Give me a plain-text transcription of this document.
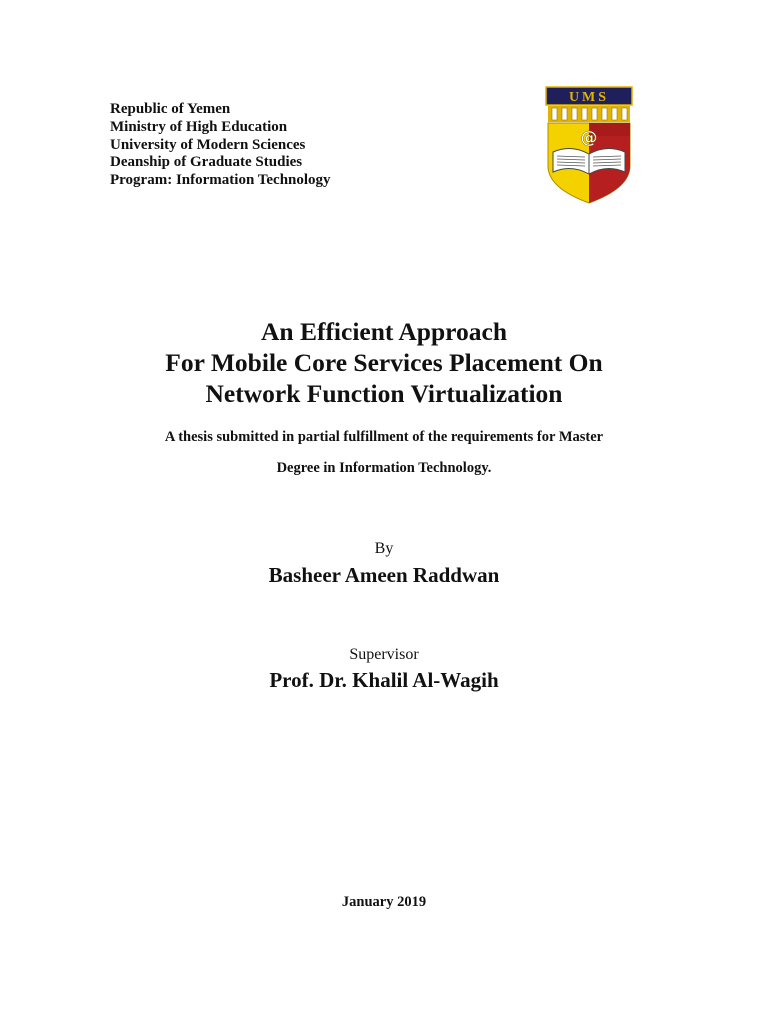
Republic of Yemen
Ministry of High Education
University of Modern Sciences
Deanship of Graduate Studies
Program: Information Technology
UMS
@
An Efficient Approach
For Mobile Core Services Placement On
Network Function Virtualization
A thesis submitted in partial fulfillment of the requirements for Master
Degree in Information Technology.
By
Basheer Ameen Raddwan
Supervisor
Prof. Dr. Khalil Al-Wagih
January 2019
